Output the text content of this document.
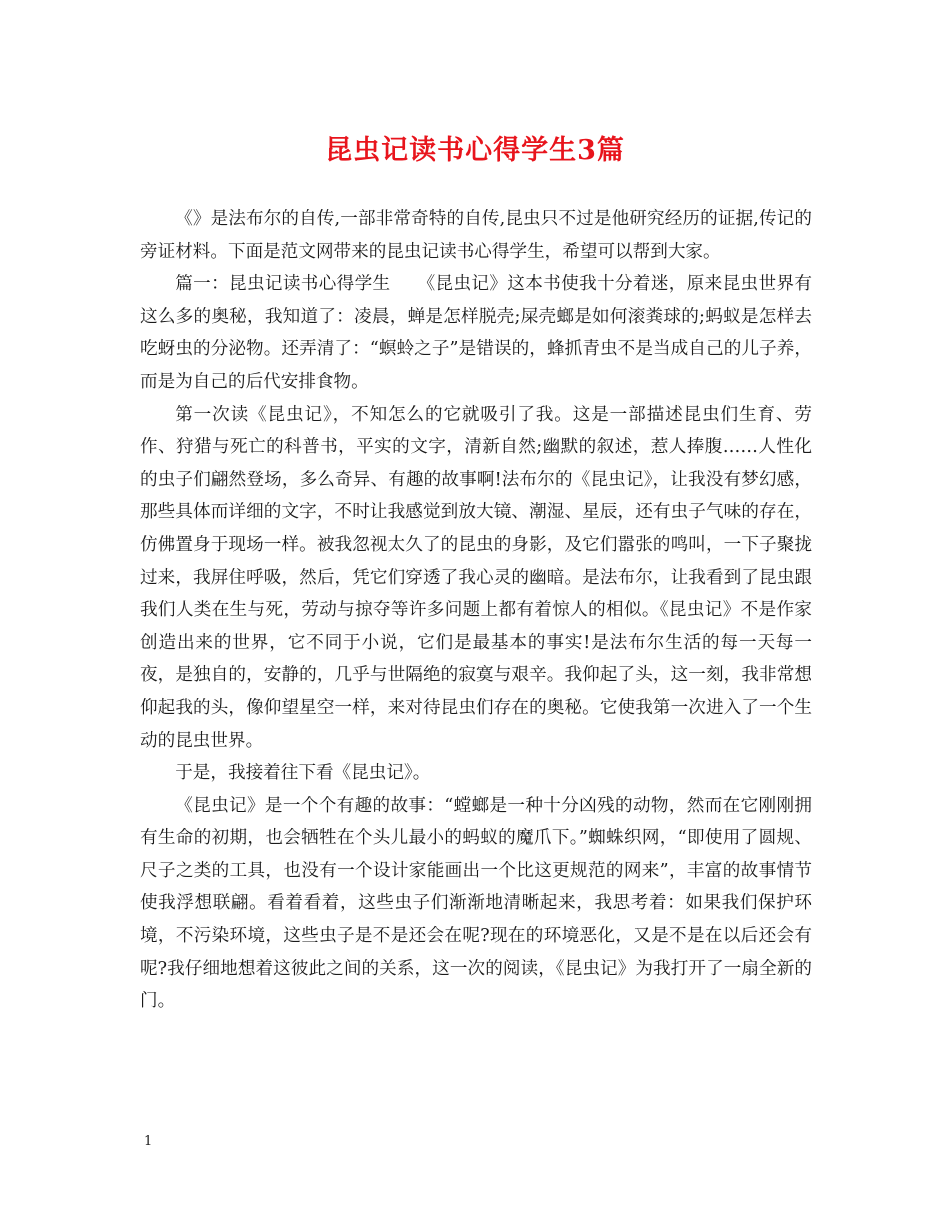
昆虫记读书心得学生3篇

《》是法布尔的自传,一部非常奇特的自传,昆虫只不过是他研究经历的证据,传记的旁证材料。下面是范文网带来的昆虫记读书心得学生，希望可以帮到大家。

篇一：昆虫记读书心得学生　　《昆虫记》这本书使我十分着迷，原来昆虫世界有这么多的奥秘，我知道了：凌晨，蝉是怎样脱壳;屎壳螂是如何滚粪球的;蚂蚁是怎样去吃蚜虫的分泌物。还弄清了：“螟蛉之子”是错误的，蜂抓青虫不是当成自己的儿子养，而是为自己的后代安排食物。

第一次读《昆虫记》，不知怎么的它就吸引了我。这是一部描述昆虫们生育、劳作、狩猎与死亡的科普书，平实的文字，清新自然;幽默的叙述，惹人捧腹……人性化的虫子们翩然登场，多么奇异、有趣的故事啊!法布尔的《昆虫记》，让我没有梦幻感，那些具体而详细的文字，不时让我感觉到放大镜、潮湿、星辰，还有虫子气味的存在，仿佛置身于现场一样。被我忽视太久了的昆虫的身影，及它们嚣张的鸣叫，一下子聚拢过来，我屏住呼吸，然后，凭它们穿透了我心灵的幽暗。是法布尔，让我看到了昆虫跟我们人类在生与死，劳动与掠夺等许多问题上都有着惊人的相似。《昆虫记》不是作家创造出来的世界，它不同于小说，它们是最基本的事实!是法布尔生活的每一天每一夜，是独自的，安静的，几乎与世隔绝的寂寞与艰辛。我仰起了头，这一刻，我非常想仰起我的头，像仰望星空一样，来对待昆虫们存在的奥秘。它使我第一次进入了一个生动的昆虫世界。

于是，我接着往下看《昆虫记》。

《昆虫记》是一个个有趣的故事：“螳螂是一种十分凶残的动物，然而在它刚刚拥有生命的初期，也会牺牲在个头儿最小的蚂蚁的魔爪下。”蜘蛛织网，“即使用了圆规、尺子之类的工具，也没有一个设计家能画出一个比这更规范的网来”，丰富的故事情节使我浮想联翩。看着看着，这些虫子们渐渐地清晰起来，我思考着：如果我们保护环境，不污染环境，这些虫子是不是还会在呢?现在的环境恶化，又是不是在以后还会有呢?我仔细地想着这彼此之间的关系，这一次的阅读，《昆虫记》为我打开了一扇全新的门。

1
